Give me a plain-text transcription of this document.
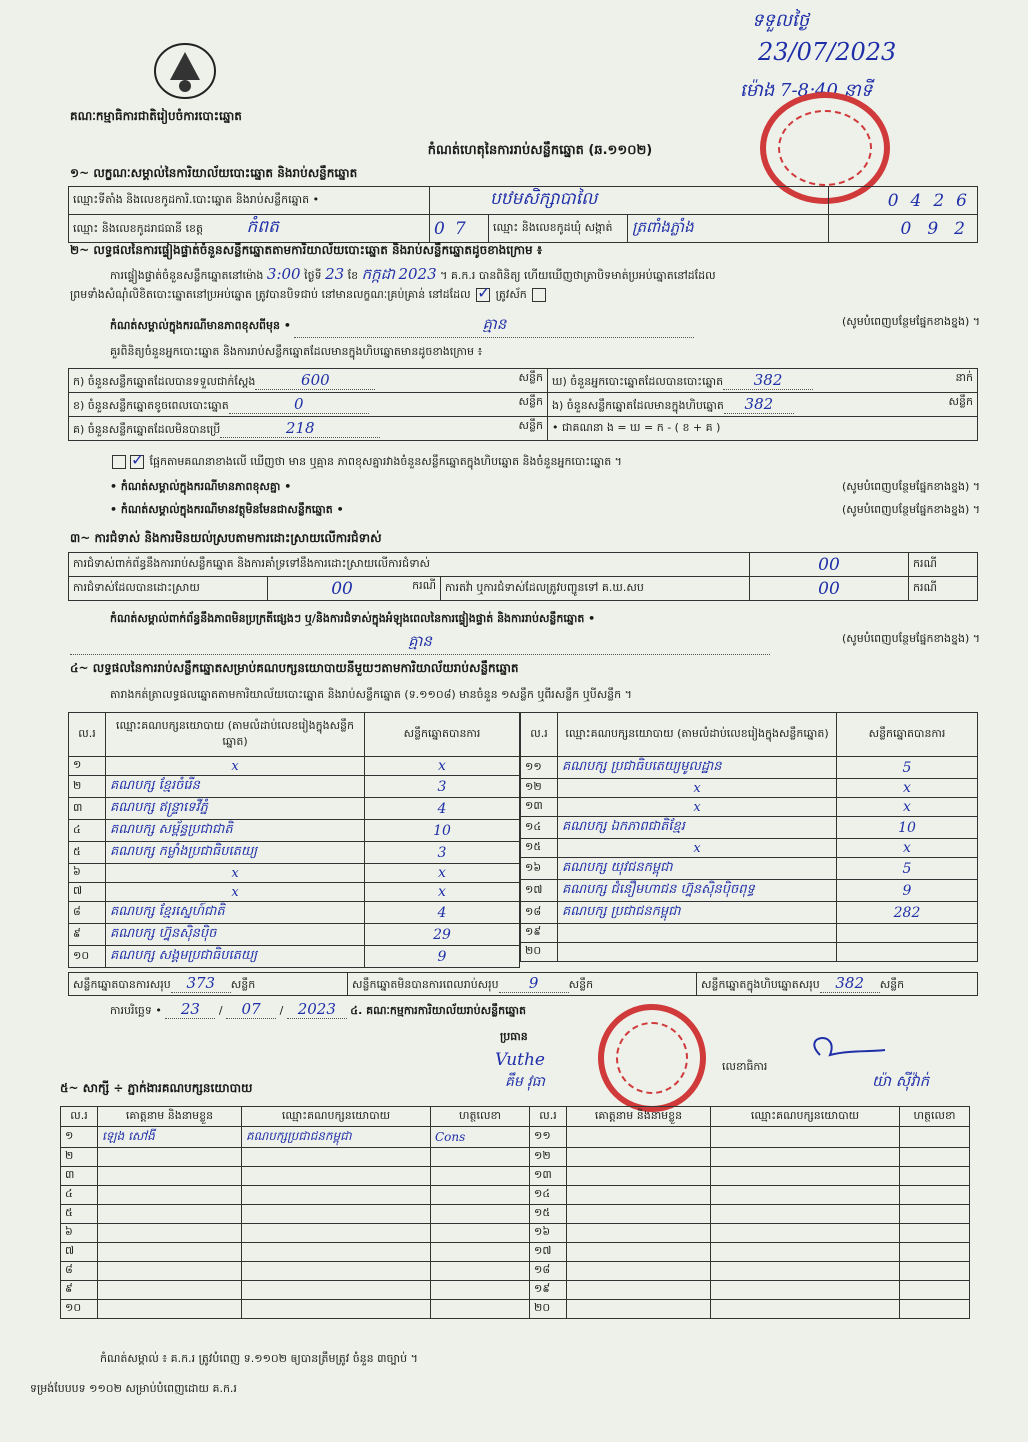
គណៈកម្មាធិការជាតិរៀបចំការបោះឆ្នោត
កំណត់ហេតុនៃការរាប់សន្លឹកឆ្នោត (ឆ.១១០២)
ទទួលថ្ងៃ
23/07/2023
ម៉ោង 7-8:40 នាទី
១~ លក្ខណៈសម្គាល់នៃការិយាល័យបោះឆ្នោត និងរាប់សន្លឹកឆ្នោត
ឈ្មោះទីតាំង និងលេខកូដការិ.បោះឆ្នោត និងរាប់សន្លឹកឆ្នោត •	បឋមសិក្សាបាលៃ			0 4 2 6
ឈ្មោះ និងលេខកូដរាជធានី ខេត្ត កំពត	0 7	ឈ្មោះ និងលេខកូដឃុំ សង្កាត់	ត្រពាំងភ្លាំង	0 9 2
២~ លទ្ធផលនៃការផ្ទៀងផ្ទាត់ចំនួនសន្លឹកឆ្នោតតាមការិយាល័យបោះឆ្នោត និងរាប់សន្លឹកឆ្នោតដូចខាងក្រោម ៖
ការផ្ទៀងផ្ទាត់ចំនួនសន្លឹកឆ្នោតនៅម៉ោង 3:00 ថ្ងៃទី 23 ខែ កក្កដា 2023 ។ គ.ក.រ បានពិនិត្យ ហើយឃើញថាត្រាបិទមាត់ប្រអប់ឆ្នោតនៅដដែល
ព្រមទាំងសំណុំលិខិតបោះឆ្នោតនៅប្រអប់ឆ្នោត ត្រូវបានបិទជាប់ នៅមានលក្ខណៈគ្រប់គ្រាន់ នៅដដែល ✓ ត្រូវស័ក
កំណត់សម្គាល់ក្នុងករណីមានភាពខុសពីមុន •	គ្មាន	(សូមបំពេញបន្ថែមផ្នែកខាងខ្នង) ។
គួរពិនិត្យចំនួនអ្នកបោះឆ្នោត និងការរាប់សន្លឹកឆ្នោតដែលមានក្នុងហិបឆ្នោតមានដូចខាងក្រោម ៖
ក) ចំនួនសន្លឹកឆ្នោតដែលបានទទួលជាក់ស្តែង 600 សន្លឹក	ឃ) ចំនួនអ្នកបោះឆ្នោតដែលបានបោះឆ្នោត 382 នាក់

ខ) ចំនួនសន្លឹកឆ្នោតខូចពេលបោះឆ្នោត 0 សន្លឹក	ង) ចំនួនសន្លឹកឆ្នោតដែលមានក្នុងហិបឆ្នោត 382 សន្លឹក

គ) ចំនួនសន្លឹកឆ្នោតដែលមិនបានប្រើ 218 សន្លឹក	• ជាគណនា ង = ឃ = ក - ( ខ + គ )
✓ ផ្អែកតាមគណនាខាងលើ ឃើញថា មាន ឬគ្មាន ភាពខុសគ្នារវាងចំនួនសន្លឹកឆ្នោតក្នុងហិបឆ្នោត និងចំនួនអ្នកបោះឆ្នោត ។
• កំណត់សម្គាល់ក្នុងករណីមានភាពខុសគ្នា •	(សូមបំពេញបន្ថែមផ្នែកខាងខ្នង) ។
• កំណត់សម្គាល់ក្នុងករណីមានវត្ថុមិនមែនជាសន្លឹកឆ្នោត •	(សូមបំពេញបន្ថែមផ្នែកខាងខ្នង) ។
៣~ ការជំទាស់ និងការមិនយល់ស្របតាមការដោះស្រាយលើការជំទាស់
ការជំទាស់ពាក់ព័ន្ធនឹងការរាប់សន្លឹកឆ្នោត និងការគាំទ្រទៅនឹងការដោះស្រាយលើការជំទាស់			00	ករណី
ការជំទាស់ដែលបានដោះស្រាយ	00 ករណី	ការតវ៉ា ឬការជំទាស់ដែលត្រូវបញ្ជូនទៅ គ.ឃ.សប	00	ករណី
កំណត់សម្គាល់ពាក់ព័ន្ធនឹងភាពមិនប្រក្រតីផ្សេងៗ ឬ/និងការជំទាស់ក្នុងអំឡុងពេលនៃការផ្ទៀងផ្ទាត់ និងការរាប់សន្លឹកឆ្នោត •
គ្មាន	(សូមបំពេញបន្ថែមផ្នែកខាងខ្នង) ។
៤~ លទ្ធផលនៃការរាប់សន្លឹកឆ្នោតសម្រាប់គណបក្សនយោបាយនីមួយៗតាមការិយាល័យរាប់សន្លឹកឆ្នោត
តារាងកត់ត្រាលទ្ធផលឆ្នោតតាមការិយាល័យបោះឆ្នោត និងរាប់សន្លឹកឆ្នោត (ទ.១១០៨) មានចំនួន ១សន្លឹក ឬពីរសន្លឹក ឬបីសន្លឹក ។
ល.រ	ឈ្មោះគណបក្សនយោបាយ (តាមលំដាប់លេខរៀងក្នុងសន្លឹកឆ្នោត)	សន្លឹកឆ្នោតបានការ
១	x	x
២	គណបក្ស ខ្មែរចំរើន	3
៣	គណបក្ស ឥន្ទ្រាទេវីភ្នំ	4
៤	គណបក្ស សម្ព័ន្ធប្រជាជាតិ	10
៥	គណបក្ស កម្លាំងប្រជាធិបតេយ្យ	3
៦	x	x
៧	x	x
៨	គណបក្ស ខ្មែរស្នេហ៍ជាតិ	4
៩	គណបក្ស ហ្វ៊ុនស៊ិនប៉ិច	29
១០	គណបក្ស សង្គមប្រជាធិបតេយ្យ	9
ល.រ	ឈ្មោះគណបក្សនយោបាយ (តាមលំដាប់លេខរៀងក្នុងសន្លឹកឆ្នោត)	សន្លឹកឆ្នោតបានការ
១១	គណបក្ស ប្រជាធិបតេយ្យមូលដ្ឋាន	5
១២	x	x
១៣	x	x
១៤	គណបក្ស ឯកភាពជាតិខ្មែរ	10
១៥	x	x
១៦	គណបក្ស យុវជនកម្ពុជា	5
១៧	គណបក្ស ជំនឿមហាជន ហ្វ៊ុនស៊ិនប៉ិចពុទ្ធ	9
១៨	គណបក្ស ប្រជាជនកម្ពុជា	282
១៩		
២០		
សន្លឹកឆ្នោតបានការសរុប 373 សន្លឹក	សន្លឹកឆ្នោតមិនបានការពេលរាប់សរុប 9	សន្លឹក	សន្លឹកឆ្នោតក្នុងហិបឆ្នោតសរុប 382 សន្លឹក
ការបរិច្ឆេទ • 23 / 07 / 2023 ៤. គណៈកម្មការការិយាល័យរាប់សន្លឹកឆ្នោត
ប្រធាន
Vuthe
គឹម វុធា
លេខាធិការ
យ៉ា ស៊ីវ៉ាក់
៥~ សាក្សី ÷ ភ្នាក់ងារគណបក្សនយោបាយ
ល.រ	គោត្តនាម និងនាមខ្លួន	ឈ្មោះគណបក្សនយោបាយ	ហត្ថលេខា	ល.រ	គោត្តនាម និងនាមខ្លួន	ឈ្មោះគណបក្សនយោបាយ	ហត្ថលេខា
១	ឡេង សៅងី	គណបក្សប្រជាជនកម្ពុជា	Cons	១១			
២				១២			
៣				១៣			
៤				១៤			
៥				១៥			
៦				១៦			
៧				១៧			
៨				១៨			
៩				១៩			
១០				២០			
កំណត់សម្គាល់ ៖ គ.ក.រ ត្រូវបំពេញ ទ.១១០២ ឲ្យបានត្រឹមត្រូវ ចំនួន ៣ច្បាប់ ។
ទម្រង់បែបបទ ១១០២ សម្រាប់បំពេញដោយ គ.ក.រ
